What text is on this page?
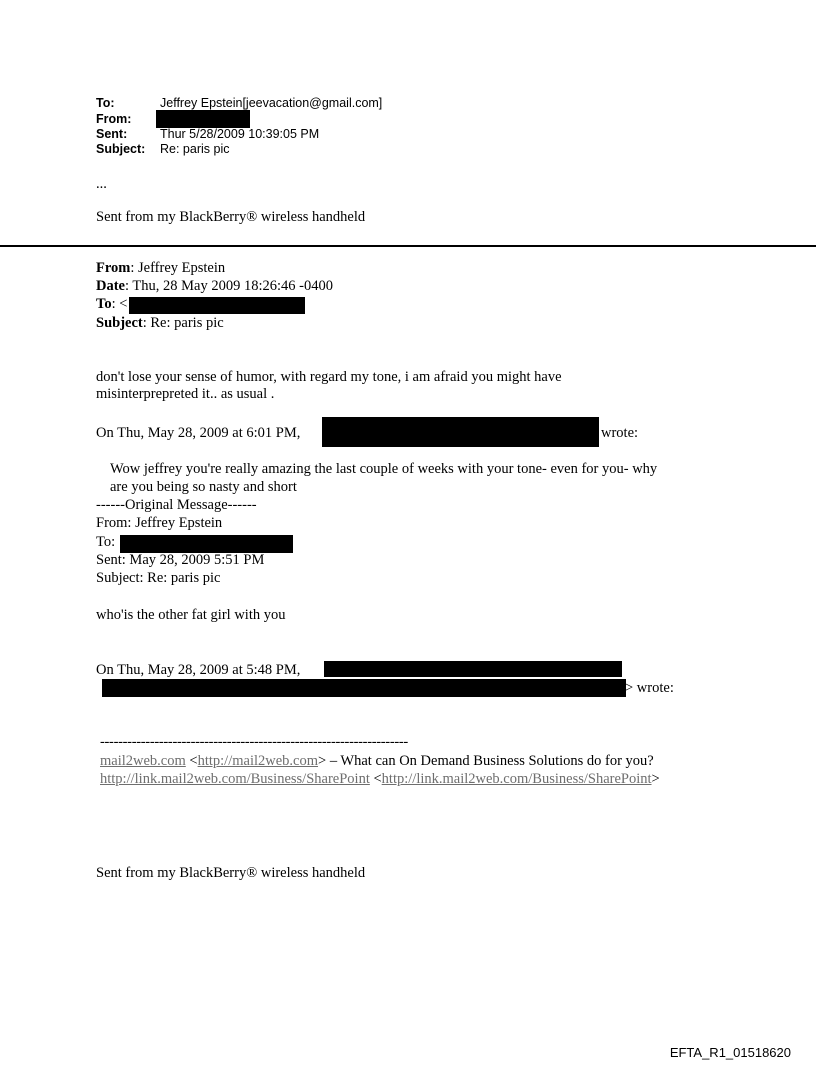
To:	Jeffrey Epstein[jeevacation@gmail.com]
From:
Sent:	Thur 5/28/2009 10:39:05 PM
Subject: Re: paris pic
...
Sent from my BlackBerry® wireless handheld
From: Jeffrey Epstein
Date: Thu, 28 May 2009 18:26:46 -0400
To: <
Subject: Re: paris pic
don't lose your sense of humor, with regard my tone, i am afraid you might have
misinterprepreted it.. as usual .
On Thu, May 28, 2009 at 6:01 PM,	wrote:
Wow jeffrey you're really amazing the last couple of weeks with your tone- even for you- why
are you being so nasty and short
------Original Message------
From: Jeffrey Epstein
To:
Sent: May 28, 2009 5:51 PM
Subject: Re: paris pic
who'is the other fat girl with you
On Thu, May 28, 2009 at 5:48 PM,
> wrote:
--------------------------------------------------------------------
mail2web.com <http://mail2web.com> – What can On Demand Business Solutions do for you?
http://link.mail2web.com/Business/SharePoint <http://link.mail2web.com/Business/SharePoint>
Sent from my BlackBerry® wireless handheld
EFTA_R1_01518620
